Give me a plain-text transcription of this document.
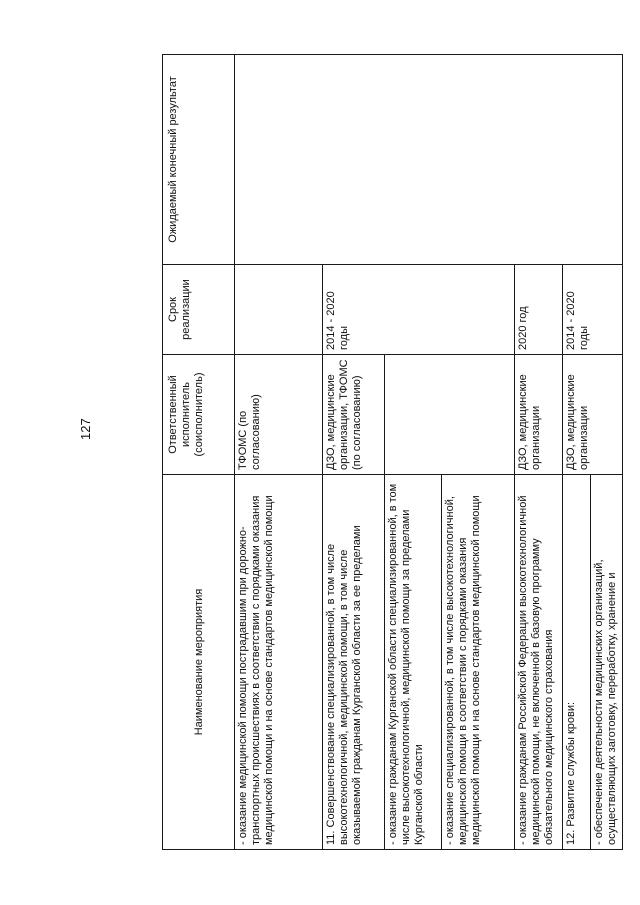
127
Наименование мероприятия	Ответственный исполнитель (соисполнитель)	Срок реализации	Ожидаемый конечный результат
- оказание медицинской помощи пострадавшим при дорожно-транспортных происшествиях в соответствии с порядками оказания медицинской помощи и на основе стандартов медицинской помощи	ТФОМС (по согласованию)		
11. Совершенствование специализированной, в том числе высокотехнологичной, медицинской помощи, в том числе оказываемой гражданам Курганской области за ее пределами	ДЗО, медицинские организации, ТФОМС (по согласованию)	2014 - 2020 годы	
- оказание гражданам Курганской области специализированной, в том числе высокотехнологичной, медицинской помощи за пределами Курганской области			
- оказание специализированной, в том числе высокотехнологичной, медицинской помощи в соответствии с порядками оказания медицинской помощи и на основе стандартов медицинской помощи			
- оказание гражданам Российской Федерации высокотехнологичной медицинской помощи, не включенной в базовую программу обязательного медицинского страхования	ДЗО, медицинские организации	2020 год	
12. Развитие службы крови:	ДЗО, медицинские организации	2014 - 2020 годы	
- обеспечение деятельности медицинских организаций, осуществляющих заготовку, переработку, хранение и			
